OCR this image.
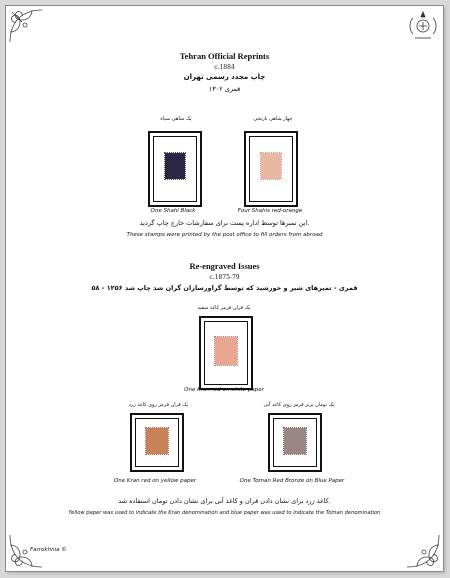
Tehran Official Reprints
c.1884
چاپ مجدد رسمی تهران
۱۳۰۲ قمری
یک شاهی سیاه	چهار شاهی نارنجی
One Shahi Black	Four Shahis red-orange
این تمبرها توسط اداره پست برای سفارشات خارج چاپ گردید.
These stamps were printed by the post office to fill orders from abroad
Re-engraved Issues
c.1875-79
۵۸ - ۱۲۵۶ قمری - تمبرهای شیر و خورشید که توسط گراورسازان گران شد چاپ شد
یک قران قرمز کاغذ سفید
One Kran red on white paper
یک قران قرمز روی کاغذ زرد	یک تومان برنز قرمز روی کاغذ آبی
One Kran red on yellow paper	One Toman Red Bronze on Blue Paper
کاغذ زرد برای نشان دادن قران و کاغذ آبی برای نشان دادن تومان استفاده شد.
Yellow paper was used to indicate the Kran denomination and blue paper was used to indicate the Toman denomination
Farrokhnia ©
